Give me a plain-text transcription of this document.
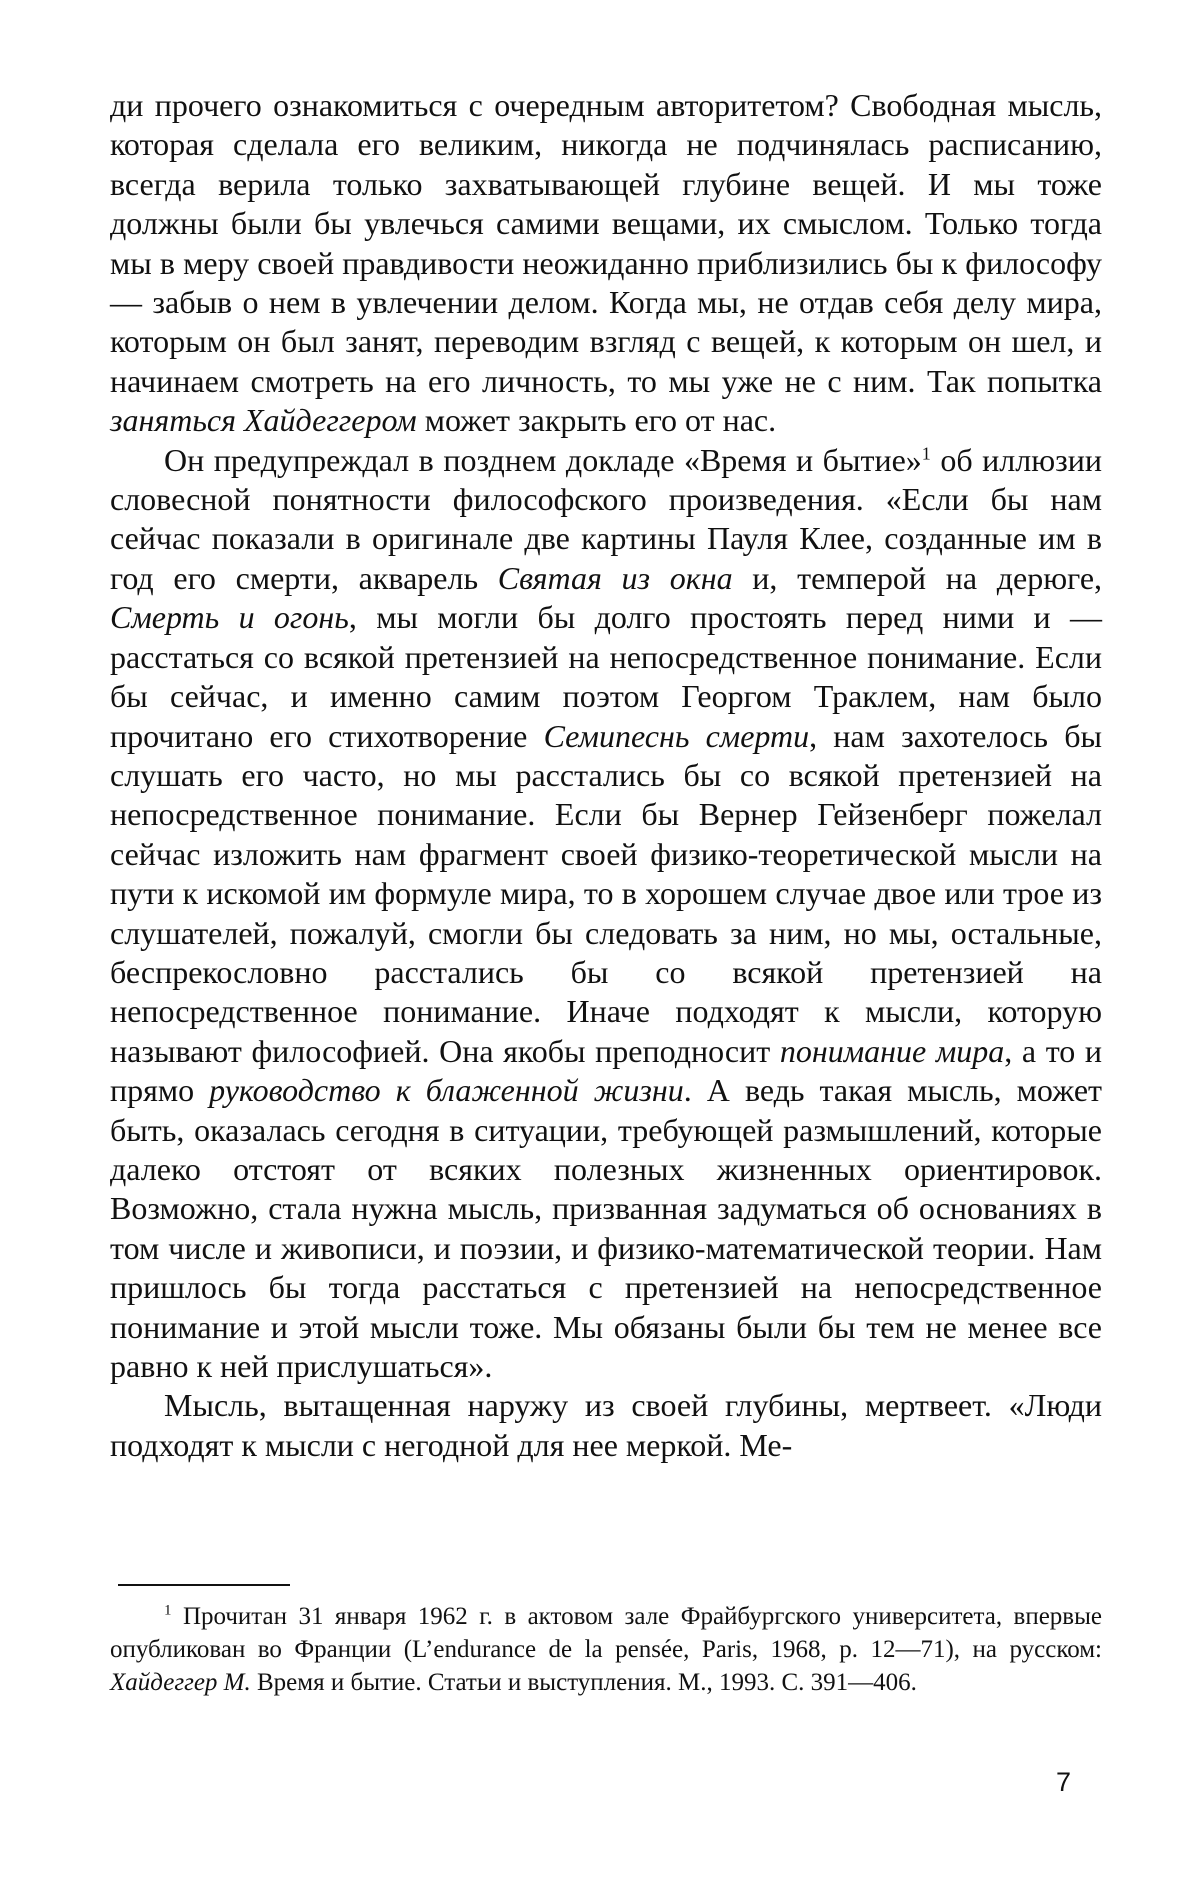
ди прочего ознакомиться с очередным авторитетом? Свободная мысль, которая сделала его великим, никогда не подчинялась расписанию, всегда верила только захватывающей глубине вещей. И мы тоже должны были бы увлечься самими вещами, их смыслом. Только тогда мы в меру своей правдивости неожиданно приблизились бы к философу — забыв о нем в увлечении делом. Когда мы, не отдав себя делу мира, которым он был занят, переводим взгляд с вещей, к которым он шел, и начинаем смотреть на его личность, то мы уже не с ним. Так попытка заняться Хайдеггером может закрыть его от нас.

Он предупреждал в позднем докладе «Время и бытие»1 об иллюзии словесной понятности философского произведения. «Если бы нам сейчас показали в оригинале две картины Пауля Клее, созданные им в год его смерти, акварель Святая из окна и, темперой на дерюге, Смерть и огонь, мы могли бы долго простоять перед ними и — расстаться со всякой претензией на непосредственное понимание. Если бы сейчас, и именно самим поэтом Георгом Траклем, нам было прочитано его стихотворение Семипеснь смерти, нам захотелось бы слушать его часто, но мы расстались бы со всякой претензией на непосредственное понимание. Если бы Вернер Гейзенберг пожелал сейчас изложить нам фрагмент своей физико-теоретической мысли на пути к искомой им формуле мира, то в хорошем случае двое или трое из слушателей, пожалуй, смогли бы следовать за ним, но мы, остальные, беспрекословно расстались бы со всякой претензией на непосредственное понимание. Иначе подходят к мысли, которую называют философией. Она якобы преподносит понимание мира, а то и прямо руководство к блаженной жизни. А ведь такая мысль, может быть, оказалась сегодня в ситуации, требующей размышлений, которые далеко отстоят от всяких полезных жизненных ориентировок. Возможно, стала нужна мысль, призванная задуматься об основаниях в том числе и живописи, и поэзии, и физико-математической теории. Нам пришлось бы тогда расстаться с претензией на непосредственное понимание и этой мысли тоже. Мы обязаны были бы тем не менее все равно к ней прислушаться».

Мысль, вытащенная наружу из своей глубины, мертвеет. «Люди подходят к мысли с негодной для нее меркой. Ме-

1 Прочитан 31 января 1962 г. в актовом зале Фрайбургского университета, впервые опубликован во Франции (L’endurance de la pensée, Paris, 1968, p. 12—71), на русском: Хайдеггер М. Время и бытие. Статьи и выступления. М., 1993. С. 391—406.

7
